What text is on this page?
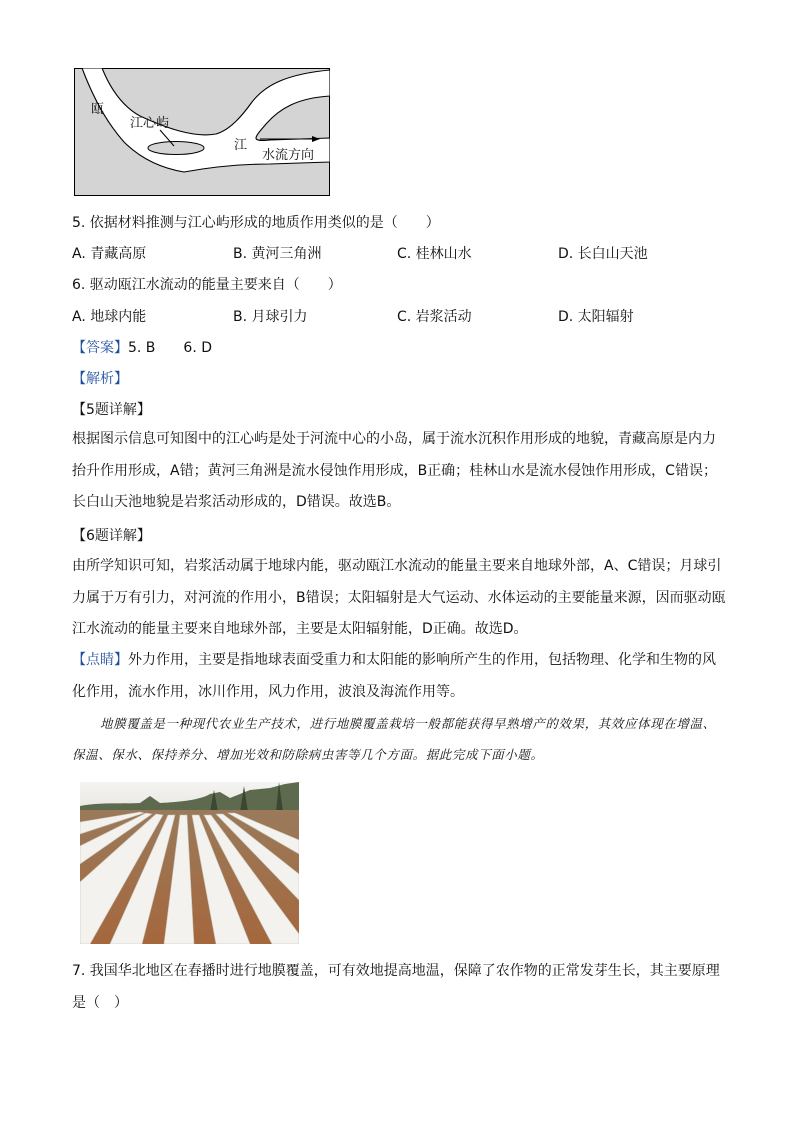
瓯
江心屿
江
水流方向
5. 依据材料推测与江心屿形成的地质作用类似的是（　　）
A. 青藏高原	B. 黄河三角洲	C. 桂林山水	D. 长白山天池
6. 驱动瓯江水流动的能量主要来自（　　）
A. 地球内能	B. 月球引力	C. 岩浆活动	D. 太阳辐射
【答案】5. B　　6. D
【解析】
【5题详解】
根据图示信息可知图中的江心屿是处于河流中心的小岛，属于流水沉积作用形成的地貌，青藏高原是内力抬升作用形成，A错；黄河三角洲是流水侵蚀作用形成，B正确；桂林山水是流水侵蚀作用形成，C错误；长白山天池地貌是岩浆活动形成的，D错误。故选B。
【6题详解】
由所学知识可知，岩浆活动属于地球内能，驱动瓯江水流动的能量主要来自地球外部，A、C错误；月球引力属于万有引力，对河流的作用小，B错误；太阳辐射是大气运动、水体运动的主要能量来源，因而驱动瓯江水流动的能量主要来自地球外部，主要是太阳辐射能，D正确。故选D。
【点睛】外力作用，主要是指地球表面受重力和太阳能的影响所产生的作用，包括物理、化学和生物的风化作用，流水作用，冰川作用，风力作用，波浪及海流作用等。
地膜覆盖是一种现代农业生产技术，进行地膜覆盖栽培一般都能获得早熟增产的效果，其效应体现在增温、保温、保水、保持养分、增加光效和防除病虫害等几个方面。据此完成下面小题。
7. 我国华北地区在春播时进行地膜覆盖，可有效地提高地温，保障了农作物的正常发芽生长，其主要原理是（　）
